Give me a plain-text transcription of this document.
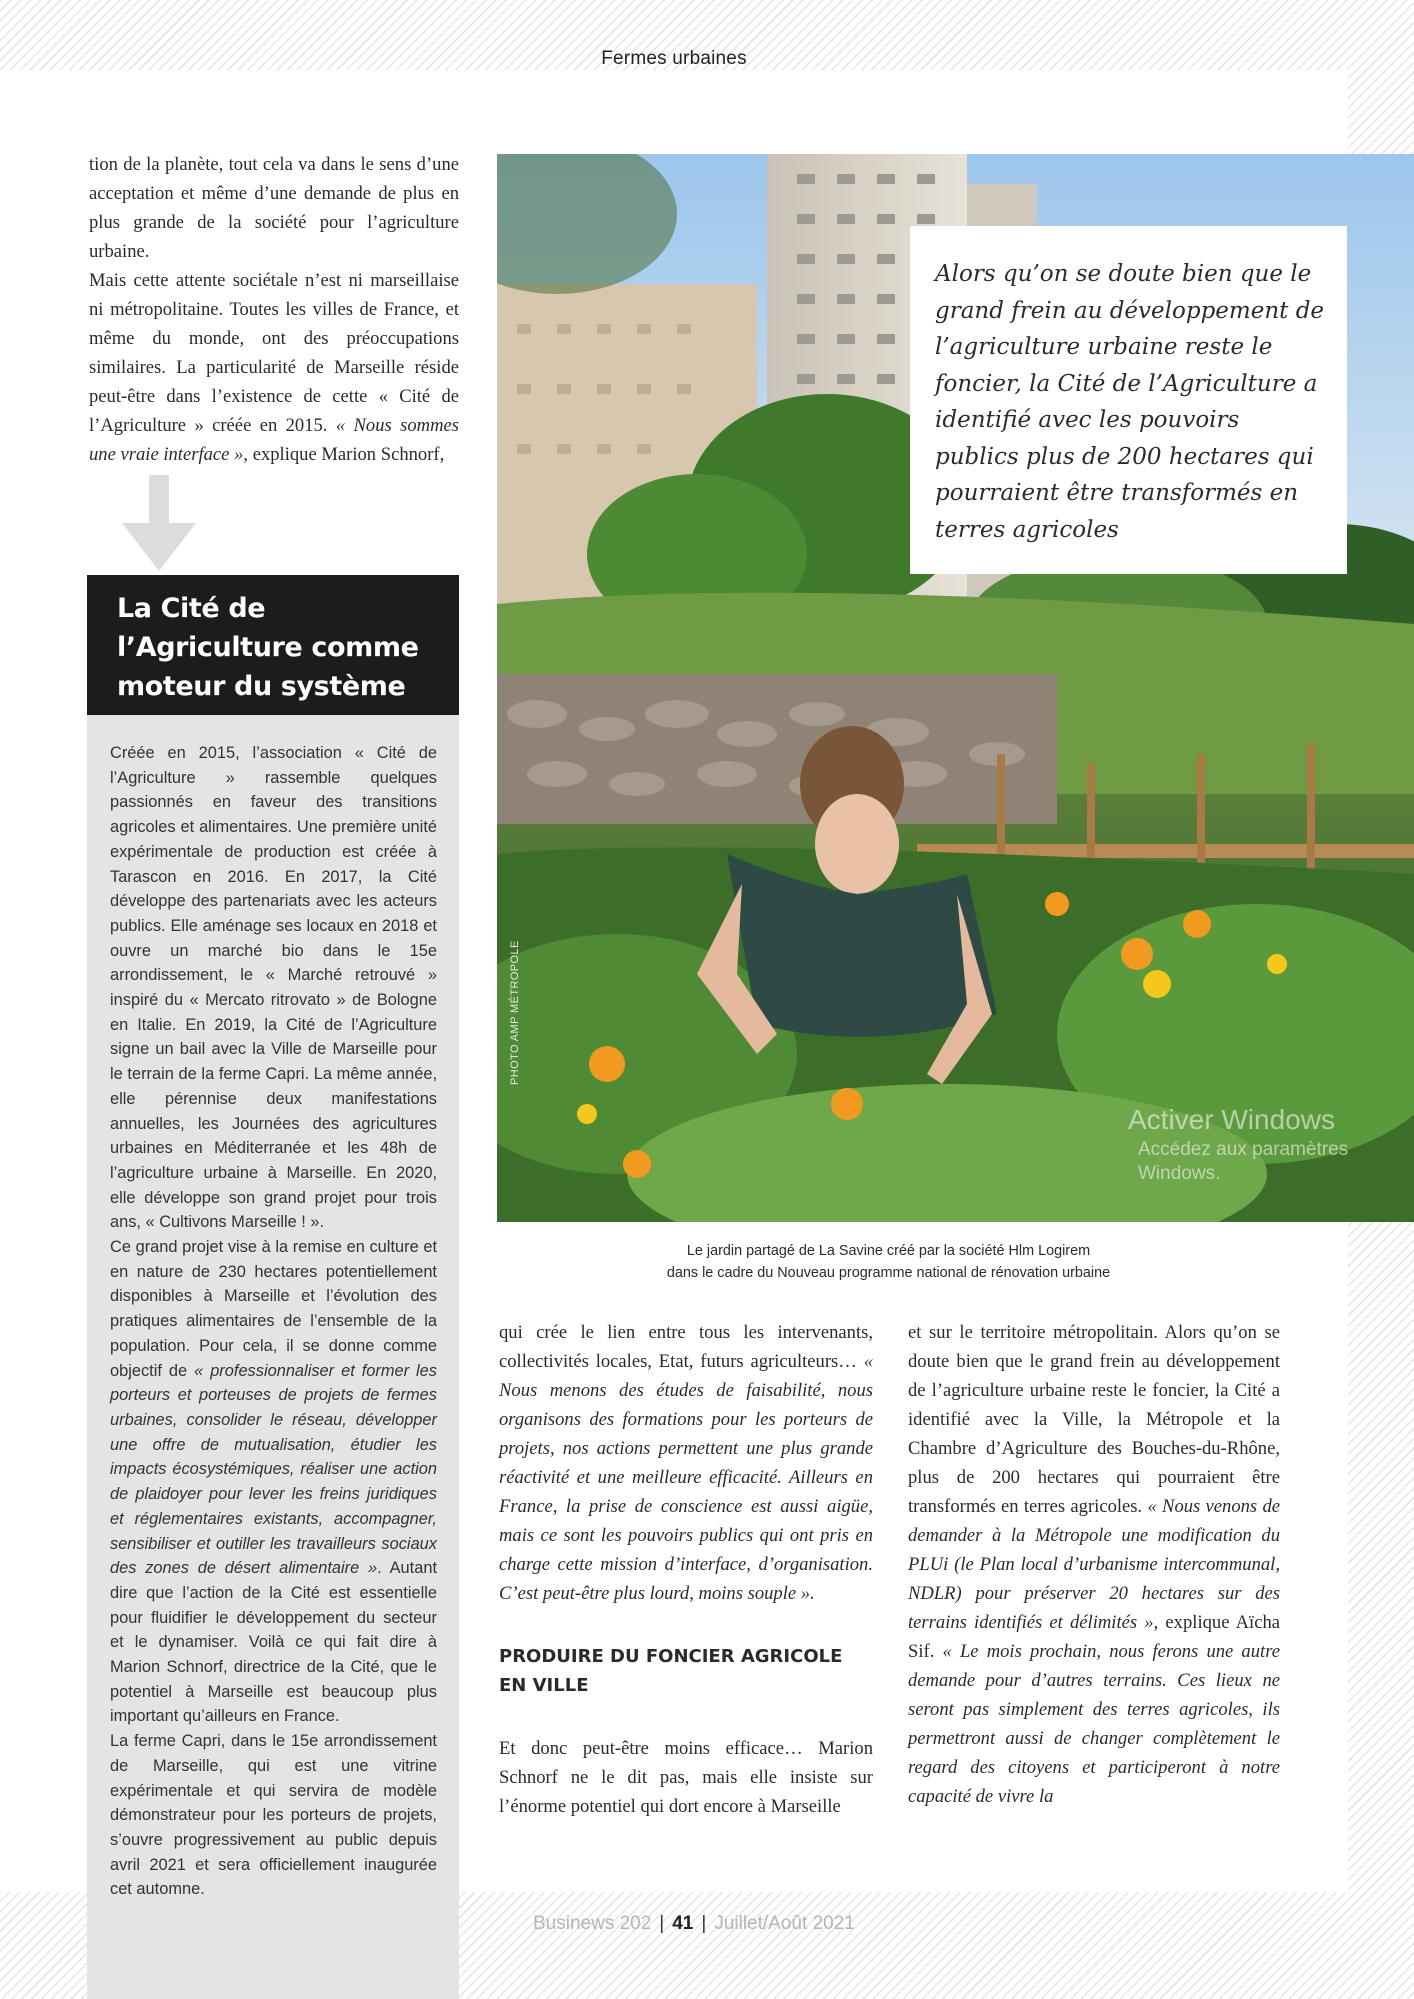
Fermes urbaines

tion de la planète, tout cela va dans le sens d’une acceptation et même d’une demande de plus en plus grande de la société pour l’agriculture urbaine.

Mais cette attente sociétale n’est ni marseillaise ni métropolitaine. Toutes les villes de France, et même du monde, ont des préoccupations similaires. La particularité de Marseille réside peut-être dans l’existence de cette « Cité de l’Agriculture » créée en 2015. « Nous sommes une vraie interface », explique Marion Schnorf,

La Cité de l’Agriculture comme moteur du système

Créée en 2015, l’association « Cité de l’Agriculture » rassemble quelques passionnés en faveur des transitions agricoles et alimentaires. Une première unité expérimentale de production est créée à Tarascon en 2016. En 2017, la Cité développe des partenariats avec les acteurs publics. Elle aménage ses locaux en 2018 et ouvre un marché bio dans le 15e arrondissement, le « Marché retrouvé » inspiré du « Mercato ritrovato » de Bologne en Italie. En 2019, la Cité de l’Agriculture signe un bail avec la Ville de Marseille pour le terrain de la ferme Capri. La même année, elle pérennise deux manifestations annuelles, les Journées des agricultures urbaines en Méditerranée et les 48h de l’agriculture urbaine à Marseille. En 2020, elle développe son grand projet pour trois ans, « Cultivons Marseille ! ».

Ce grand projet vise à la remise en culture et en nature de 230 hectares potentiellement disponibles à Marseille et l’évolution des pratiques alimentaires de l’ensemble de la population. Pour cela, il se donne comme objectif de « professionnaliser et former les porteurs et porteuses de projets de fermes urbaines, consolider le réseau, développer une offre de mutualisation, étudier les impacts écosystémiques, réaliser une action de plaidoyer pour lever les freins juridiques et réglementaires existants, accompagner, sensibiliser et outiller les travailleurs sociaux des zones de désert alimentaire ». Autant dire que l’action de la Cité est essentielle pour fluidifier le développement du secteur et le dynamiser. Voilà ce qui fait dire à Marion Schnorf, directrice de la Cité, que le potentiel à Marseille est beaucoup plus important qu’ailleurs en France.

La ferme Capri, dans le 15e arrondissement de Marseille, qui est une vitrine expérimentale et qui servira de modèle démonstrateur pour les porteurs de projets, s’ouvre progressivement au public depuis avril 2021 et sera officiellement inaugurée cet automne.

PHOTO AMP MÉTROPOLE
Activer Windows
Accédez aux paramètres
Windows.

Alors qu’on se doute bien que le grand frein au développement de l’agriculture urbaine reste le foncier, la Cité de l’Agriculture a identifié avec les pouvoirs publics plus de 200 hectares qui pourraient être transformés en terres agricoles

Le jardin partagé de La Savine créé par la société Hlm Logirem
dans le cadre du Nouveau programme national de rénovation urbaine

qui crée le lien entre tous les intervenants, collectivités locales, Etat, futurs agriculteurs… « Nous menons des études de faisabilité, nous organisons des formations pour les porteurs de projets, nos actions permettent une plus grande réactivité et une meilleure efficacité. Ailleurs en France, la prise de conscience est aussi aigüe, mais ce sont les pouvoirs publics qui ont pris en charge cette mission d’interface, d’organisation. C’est peut-être plus lourd, moins souple ».

PRODUIRE DU FONCIER AGRICOLE EN VILLE

Et donc peut-être moins efficace… Marion Schnorf ne le dit pas, mais elle insiste sur l’énorme potentiel qui dort encore à Marseille

et sur le territoire métropolitain. Alors qu’on se doute bien que le grand frein au développement de l’agriculture urbaine reste le foncier, la Cité a identifié avec la Ville, la Métropole et la Chambre d’Agriculture des Bouches-du-Rhône, plus de 200 hectares qui pourraient être transformés en terres agricoles. « Nous venons de demander à la Métropole une modification du PLUi (le Plan local d’urbanisme intercommunal, NDLR) pour préserver 20 hectares sur des terrains identifiés et délimités », explique Aïcha Sif. « Le mois prochain, nous ferons une autre demande pour d’autres terrains. Ces lieux ne seront pas simplement des terres agricoles, ils permettront aussi de changer complètement le regard des citoyens et participeront à notre capacité de vivre la

Businews 202 | 41 | Juillet/Août 2021
